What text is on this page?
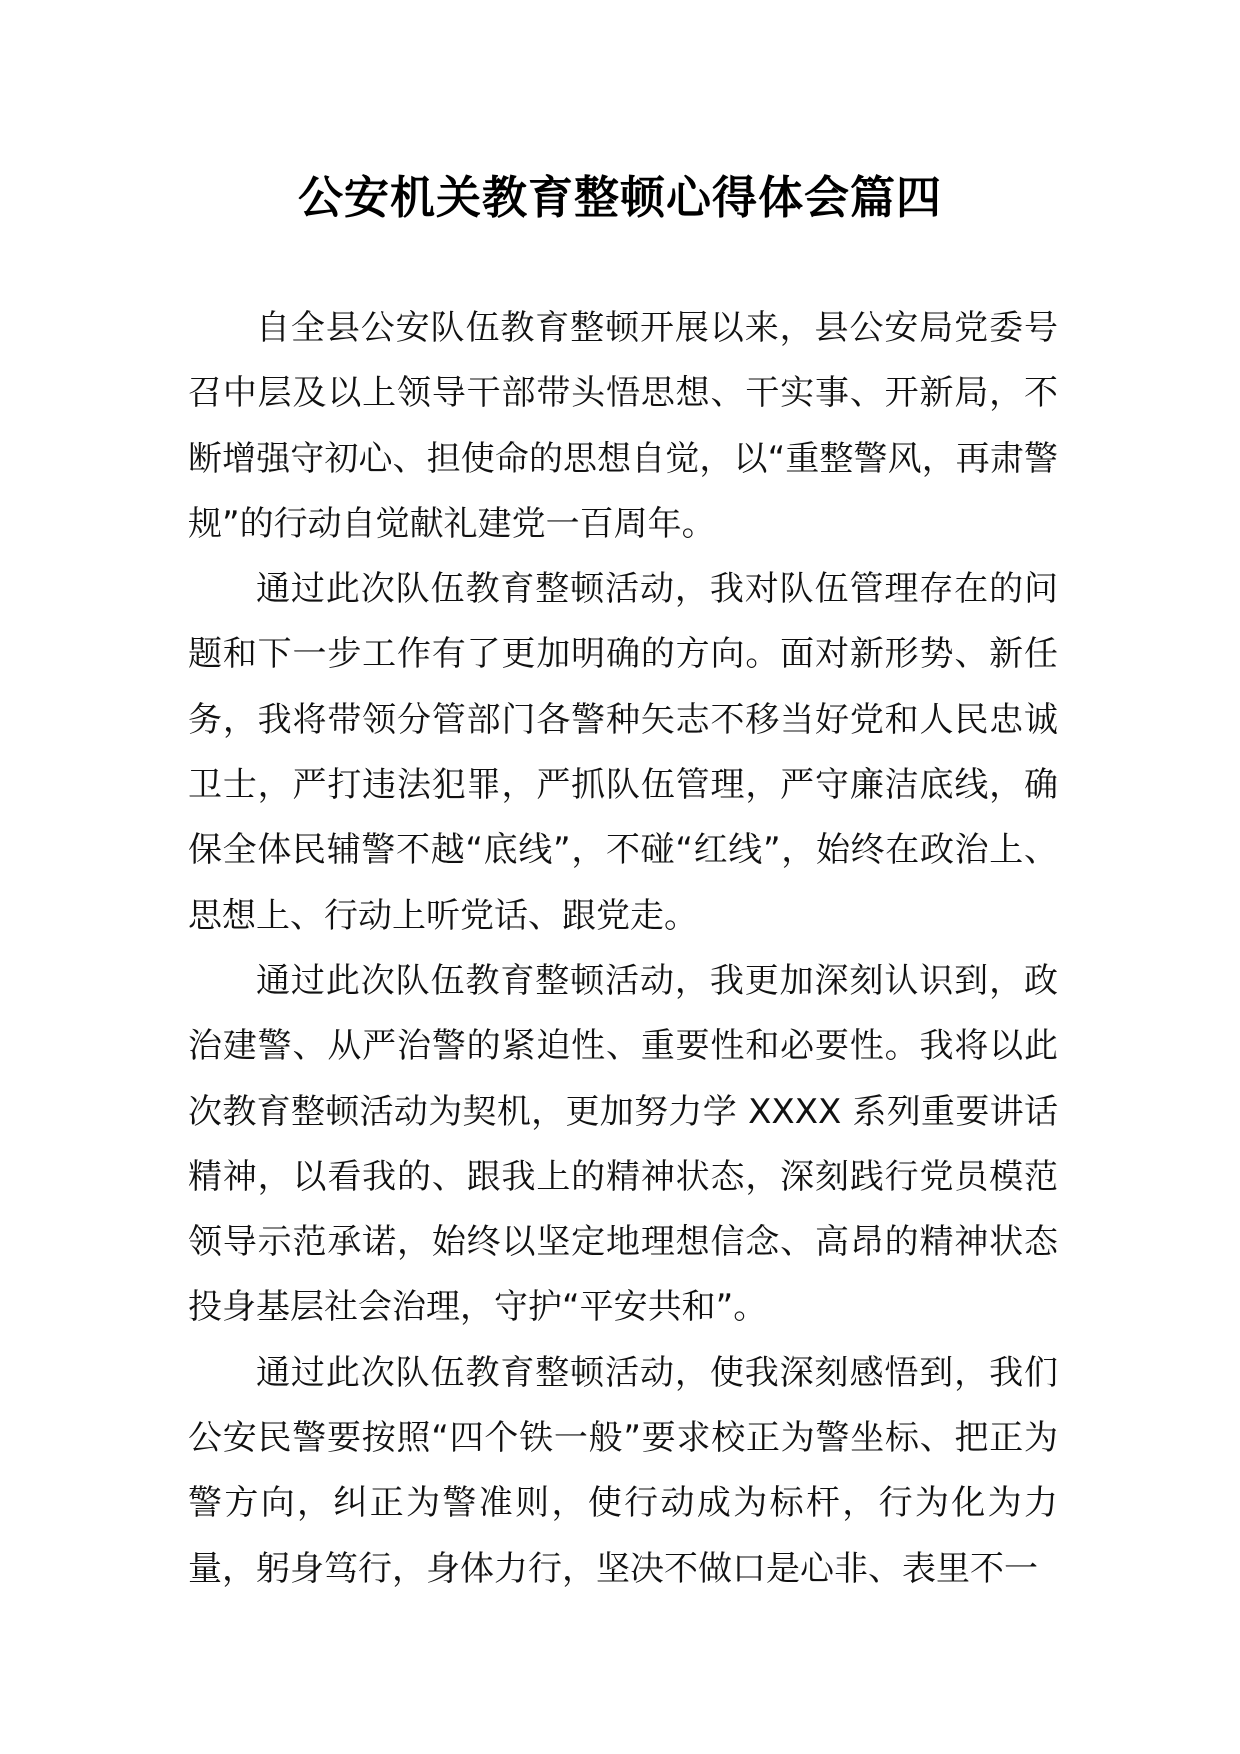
公安机关教育整顿心得体会篇四

自全县公安队伍教育整顿开展以来，县公安局党委号召中层及以上领导干部带头悟思想、干实事、开新局，不断增强守初心、担使命的思想自觉，以“重整警风，再肃警规”的行动自觉献礼建党一百周年。

通过此次队伍教育整顿活动，我对队伍管理存在的问题和下一步工作有了更加明确的方向。面对新形势、新任务，我将带领分管部门各警种矢志不移当好党和人民忠诚卫士，严打违法犯罪，严抓队伍管理，严守廉洁底线，确保全体民辅警不越“底线”，不碰“红线”，始终在政治上、思想上、行动上听党话、跟党走。

通过此次队伍教育整顿活动，我更加深刻认识到，政治建警、从严治警的紧迫性、重要性和必要性。我将以此次教育整顿活动为契机，更加努力学 XXXX 系列重要讲话精神，以看我的、跟我上的精神状态，深刻践行党员模范领导示范承诺，始终以坚定地理想信念、高昂的精神状态投身基层社会治理，守护“平安共和”。

通过此次队伍教育整顿活动，使我深刻感悟到，我们公安民警要按照“四个铁一般”要求校正为警坐标、把正为警方向，纠正为警准则，使行动成为标杆，行为化为力量，躬身笃行，身体力行，坚决不做口是心非、表里不一
